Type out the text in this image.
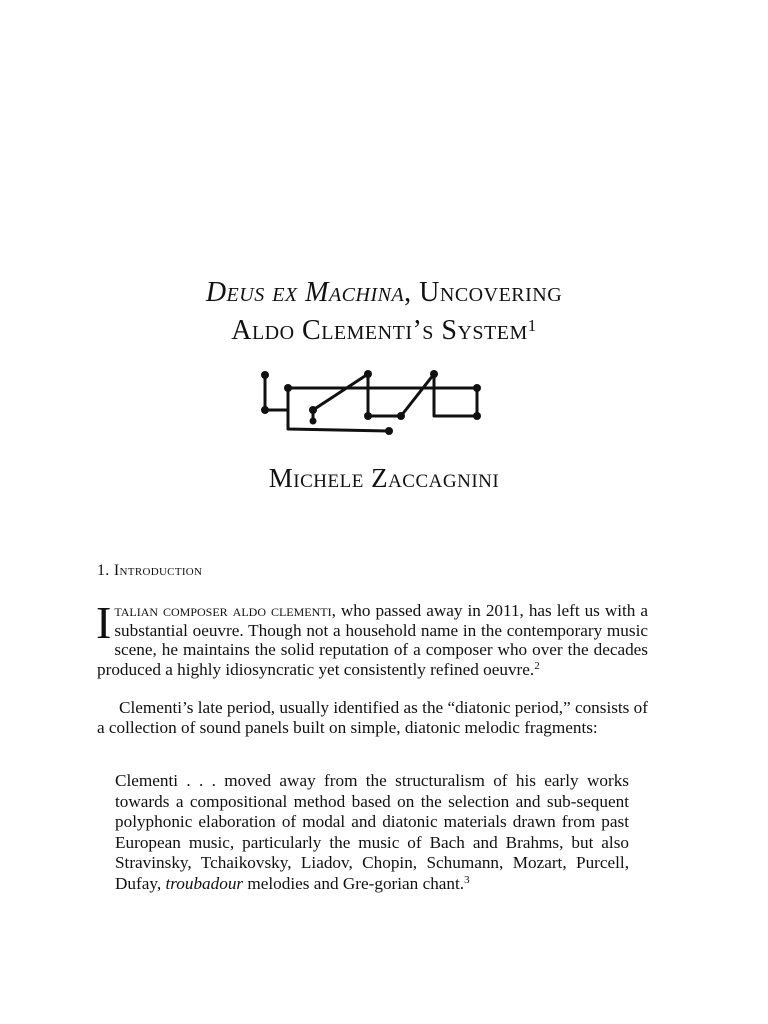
Deus ex Machina, Uncovering
Aldo Clementi’s System$^1$
Michele Zaccagnini
1. Introduction

Italian composer aldo clementi, who passed away in 2011, has left us with a substantial oeuvre. Though not a household name in the contemporary music scene, he maintains the solid reputation of a composer who over the decades produced a highly idiosyncratic yet consistently refined oeuvre.$^2$

Clementi’s late period, usually identified as the “diatonic period,” consists of a collection of sound panels built on simple, diatonic melodic fragments:

Clementi . . . moved away from the structuralism of his early works towards a compositional method based on the selection and sub-sequent polyphonic elaboration of modal and diatonic materials drawn from past European music, particularly the music of Bach and Brahms, but also Stravinsky, Tchaikovsky, Liadov, Chopin, Schumann, Mozart, Purcell, Dufay, troubadour melodies and Gre-gorian chant.$^3$
